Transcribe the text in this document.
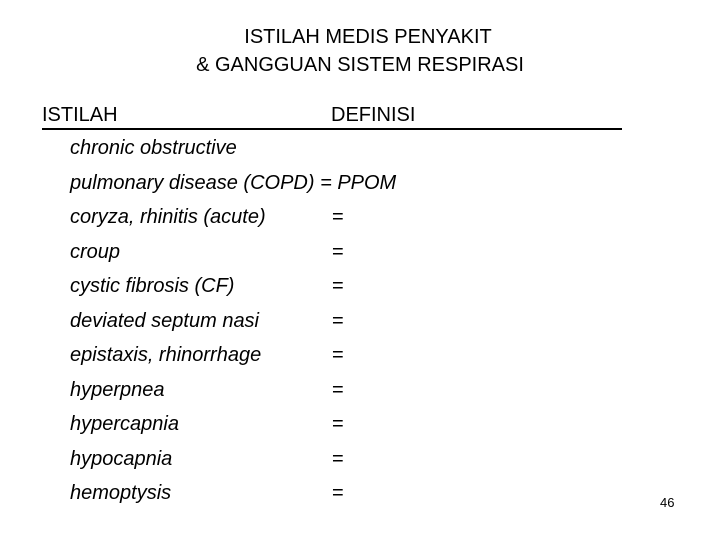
ISTILAH MEDIS PENYAKIT
& GANGGUAN SISTEM RESPIRASI
ISTILAH	DEFINISI
chronic obstructive
pulmonary disease (COPD) = PPOM
coryza, rhinitis (acute)	=
croup	=
cystic fibrosis (CF)	=
deviated septum nasi	=
epistaxis, rhinorrhage	=
hyperpnea	=
hypercapnia	=
hypocapnia	=
hemoptysis	=	46
